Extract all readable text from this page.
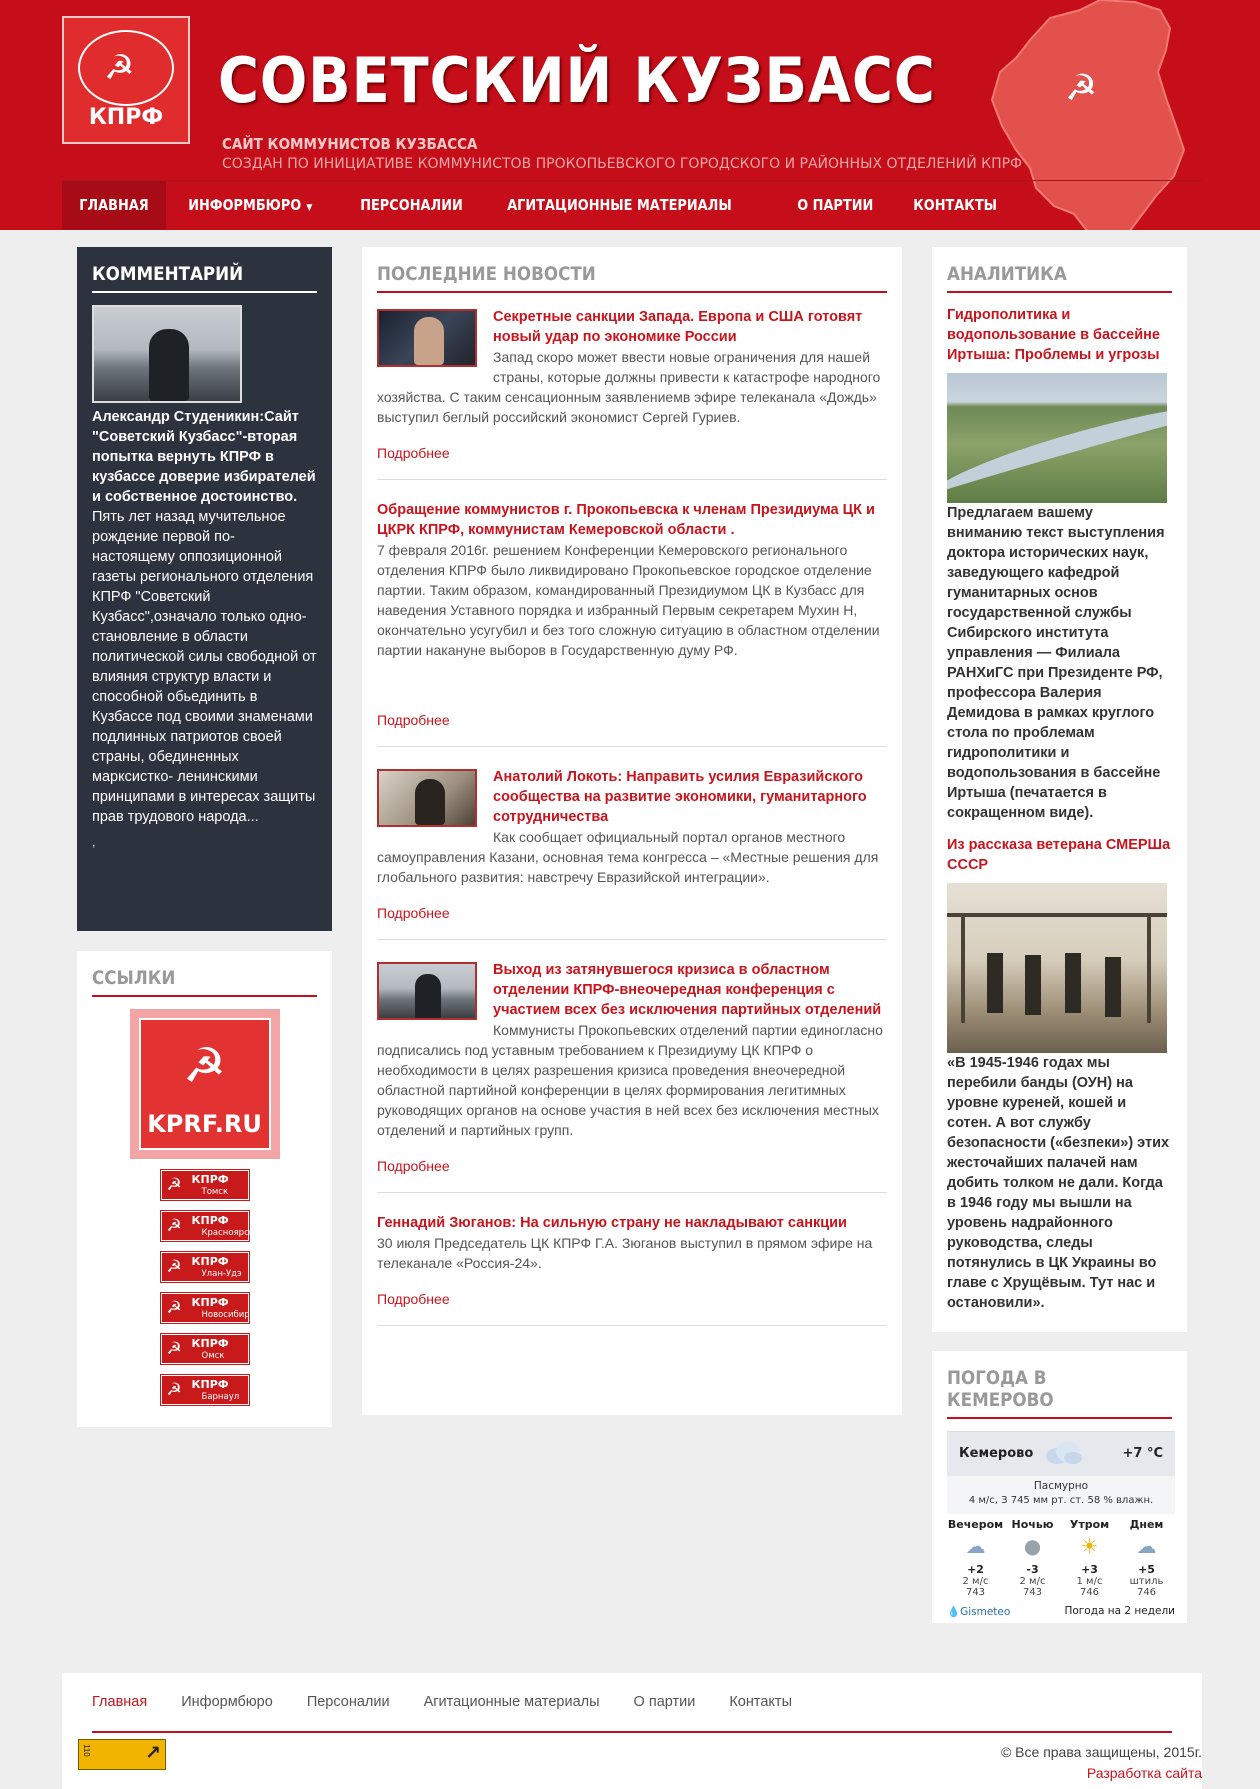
☭
☭
КПРФ
СОВЕТСКИЙ КУЗБАСС
САЙТ КОММУНИСТОВ КУЗБАССА
СОЗДАН ПО ИНИЦИАТИВЕ КОММУНИСТОВ ПРОКОПЬЕВСКОГО ГОРОДСКОГО И РАЙОННЫХ ОТДЕЛЕНИЙ КПРФ
ГЛАВНАЯ	ИНФОРМБЮРО ▼	ПЕРСОНАЛИИ	АГИТАЦИОННЫЕ МАТЕРИАЛЫ	О ПАРТИИ	КОНТАКТЫ
КОММЕНТАРИЙ
Александр Студеникин:Сайт "Советский Кузбасс"-вторая попытка вернуть КПРФ в кузбассе доверие избирателей и собственное достоинство.
Пять лет назад мучительное рождение первой по-настоящему оппозиционной газеты регионального отделения КПРФ "Советский Кузбасс",означало только одно-становление в области политической силы свободной от влияния структур власти и способной обьединить в Кузбассе под своими знаменами подлинных патриотов своей страны, обединенных марксистко- ленинскими принципами в интересах защиты прав трудового народа...
,
ССЫЛКИ
☭
KPRF.RU
☭ КПРФ
Томск
☭ КПРФ
Красноярск
☭ КПРФ
Улан-Удэ
☭ КПРФ
Новосибирск
☭ КПРФ
Омск
☭ КПРФ
Барнаул
ПОСЛЕДНИЕ НОВОСТИ
Секретные санкции Запада. Европа и США готовят новый удар по экономике России
Запад скоро может ввести новые ограничения для нашей страны, которые должны привести к катастрофе народного хозяйства. С таким сенсационным заявлениемв эфире телеканала «Дождь» выступил беглый российский экономист Сергей Гуриев.
Подробнее
Обращение коммунистов г. Прокопьевска к членам Президиума ЦК и ЦКРК КПРФ, коммунистам Кемеровской области .
7 февраля 2016г. решением Конференции Кемеровского регионального отделения КПРФ было ликвидировано Прокопьевское городское отделение партии. Таким образом, командированный Президиумом ЦК в Кузбасс для наведения Уставного порядка и избранный Первым секретарем Мухин Н, окончательно усугубил и без того сложную ситуацию в областном отделении партии накануне выборов в Государственную думу РФ.
Подробнее
Анатолий Локоть: Направить усилия Евразийского сообщества на развитие экономики, гуманитарного сотрудничества
Как сообщает официальный портал органов местного самоуправления Казани, основная тема конгресса – «Местные решения для глобального развития: навстречу Евразийской интеграции».
Подробнее
Выход из затянувшегося кризиса в областном отделении КПРФ-внеочередная конференция с участием всех без исключения партийных отделений
Коммунисты Прокопьевских отделений партии единогласно подписались под уставным требованием к Президиуму ЦК КПРФ о необходимости в целях разрешения кризиса проведения внеочередной областной партийной конференции в целях формирования легитимных руководящих органов на основе участия в ней всех без исключения местных отделений и партийных групп.
Подробнее
Геннадий Зюганов: На сильную страну не накладывают санкции
30 июля Председатель ЦК КПРФ Г.А. Зюганов выступил в прямом эфире на телеканале «Россия-24».
Подробнее
АНАЛИТИКА
Гидрополитика и водопользование в бассейне Иртыша: Проблемы и угрозы
Предлагаем вашему вниманию текст выступления доктора исторических наук, заведующего кафедрой гуманитарных основ государственной службы Сибирского института управления — Филиала РАНХиГС при Президенте РФ, профессора Валерия Демидова в рамках круглого стола по проблемам гидрополитики и водопользования в бассейне Иртыша (печатается в сокращенном виде).
Из рассказа ветерана СМЕРШа СССР
«В 1945-1946 годах мы перебили банды (ОУН) на уровне куреней, кошей и сотен. А вот службу безопасности («безпеки») этих жесточайших палачей нам добить толком не дали. Когда в 1946 году мы вышли на уровень надрайонного руководства, следы потянулись в ЦК Украины во главе с Хрущёвым. Тут нас и остановили».
ПОГОДА В КЕМЕРОВО
Кемерово	+7 °C
Пасмурно
4 м/с, З 745 мм рт. ст. 58 % влажн.
Вечером
☁
+2
2 м/с
743
Ночью
●
-3
2 м/с
743
Утром
☀
+3
1 м/с
746
Днем
☁
+5
штиль
746
💧Gismeteo	Погода на 2 недели
Главная Информбюро Персоналии Агитационные материалы О партии Контакты
110	↗	© Все права защищены, 2015г.
Разработка сайта
